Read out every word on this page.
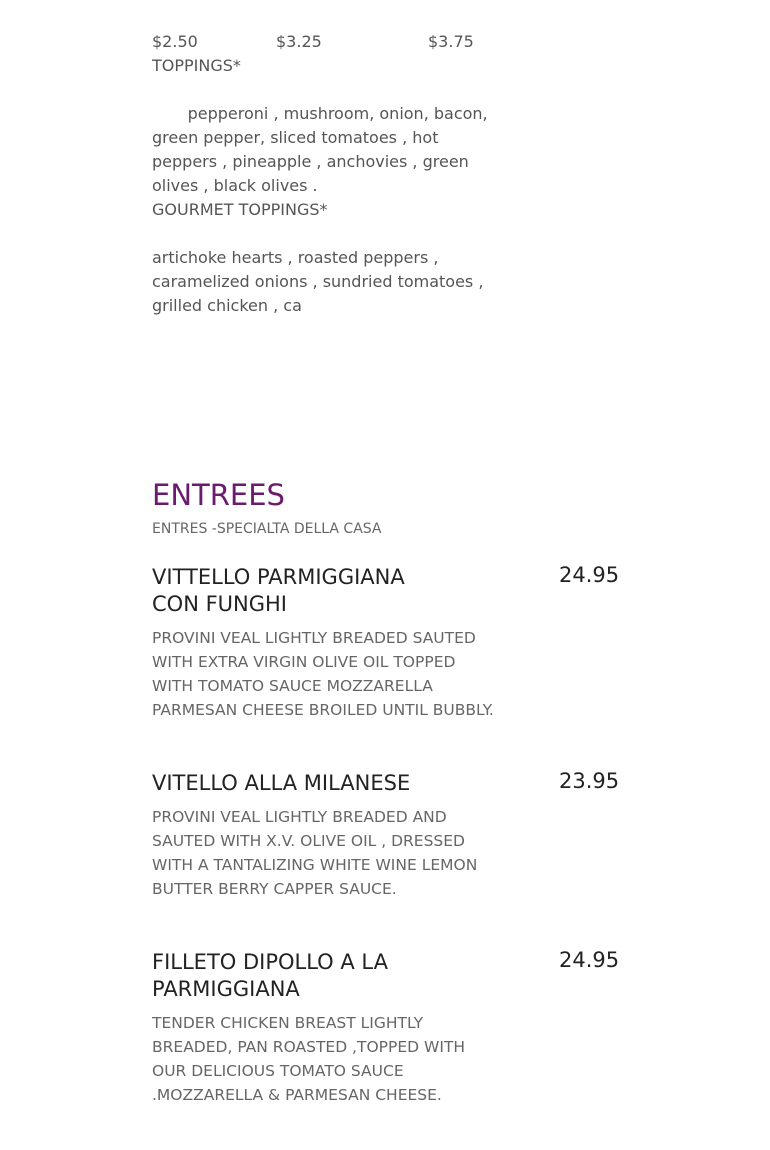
$2.50	$3.25	$3.75
TOPPINGS*
pepperoni , mushroom, onion, bacon, green pepper, sliced tomatoes , hot peppers , pineapple , anchovies , green olives , black olives .
GOURMET TOPPINGS*
artichoke hearts , roasted peppers , caramelized onions , sundried tomatoes , grilled chicken , ca
ENTREES
ENTRES -SPECIALTA DELLA CASA
VITTELLO PARMIGGIANA CON FUNGHI
24.95
PROVINI VEAL LIGHTLY BREADED SAUTED WITH EXTRA VIRGIN OLIVE OIL TOPPED WITH TOMATO SAUCE MOZZARELLA PARMESAN CHEESE BROILED UNTIL BUBBLY.
VITELLO ALLA MILANESE	23.95
PROVINI VEAL LIGHTLY BREADED AND SAUTED WITH X.V. OLIVE OIL , DRESSED WITH A TANTALIZING WHITE WINE LEMON BUTTER BERRY CAPPER SAUCE.
FILLETO DIPOLLO A LA PARMIGGIANA
24.95
TENDER CHICKEN BREAST LIGHTLY BREADED, PAN ROASTED ,TOPPED WITH OUR DELICIOUS TOMATO SAUCE .MOZZARELLA & PARMESAN CHEESE.
